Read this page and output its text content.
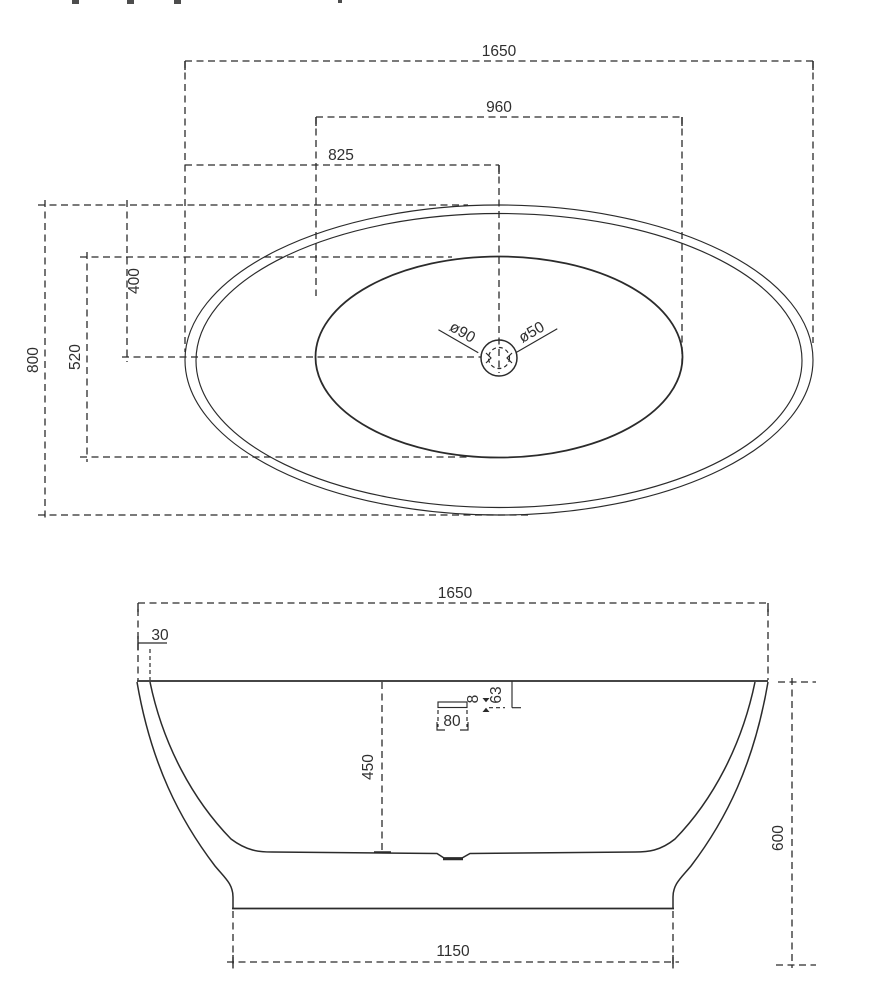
1650
960
825
800 520
400
ø90 ø50
1650
30
450
8 63
80
600
1150
